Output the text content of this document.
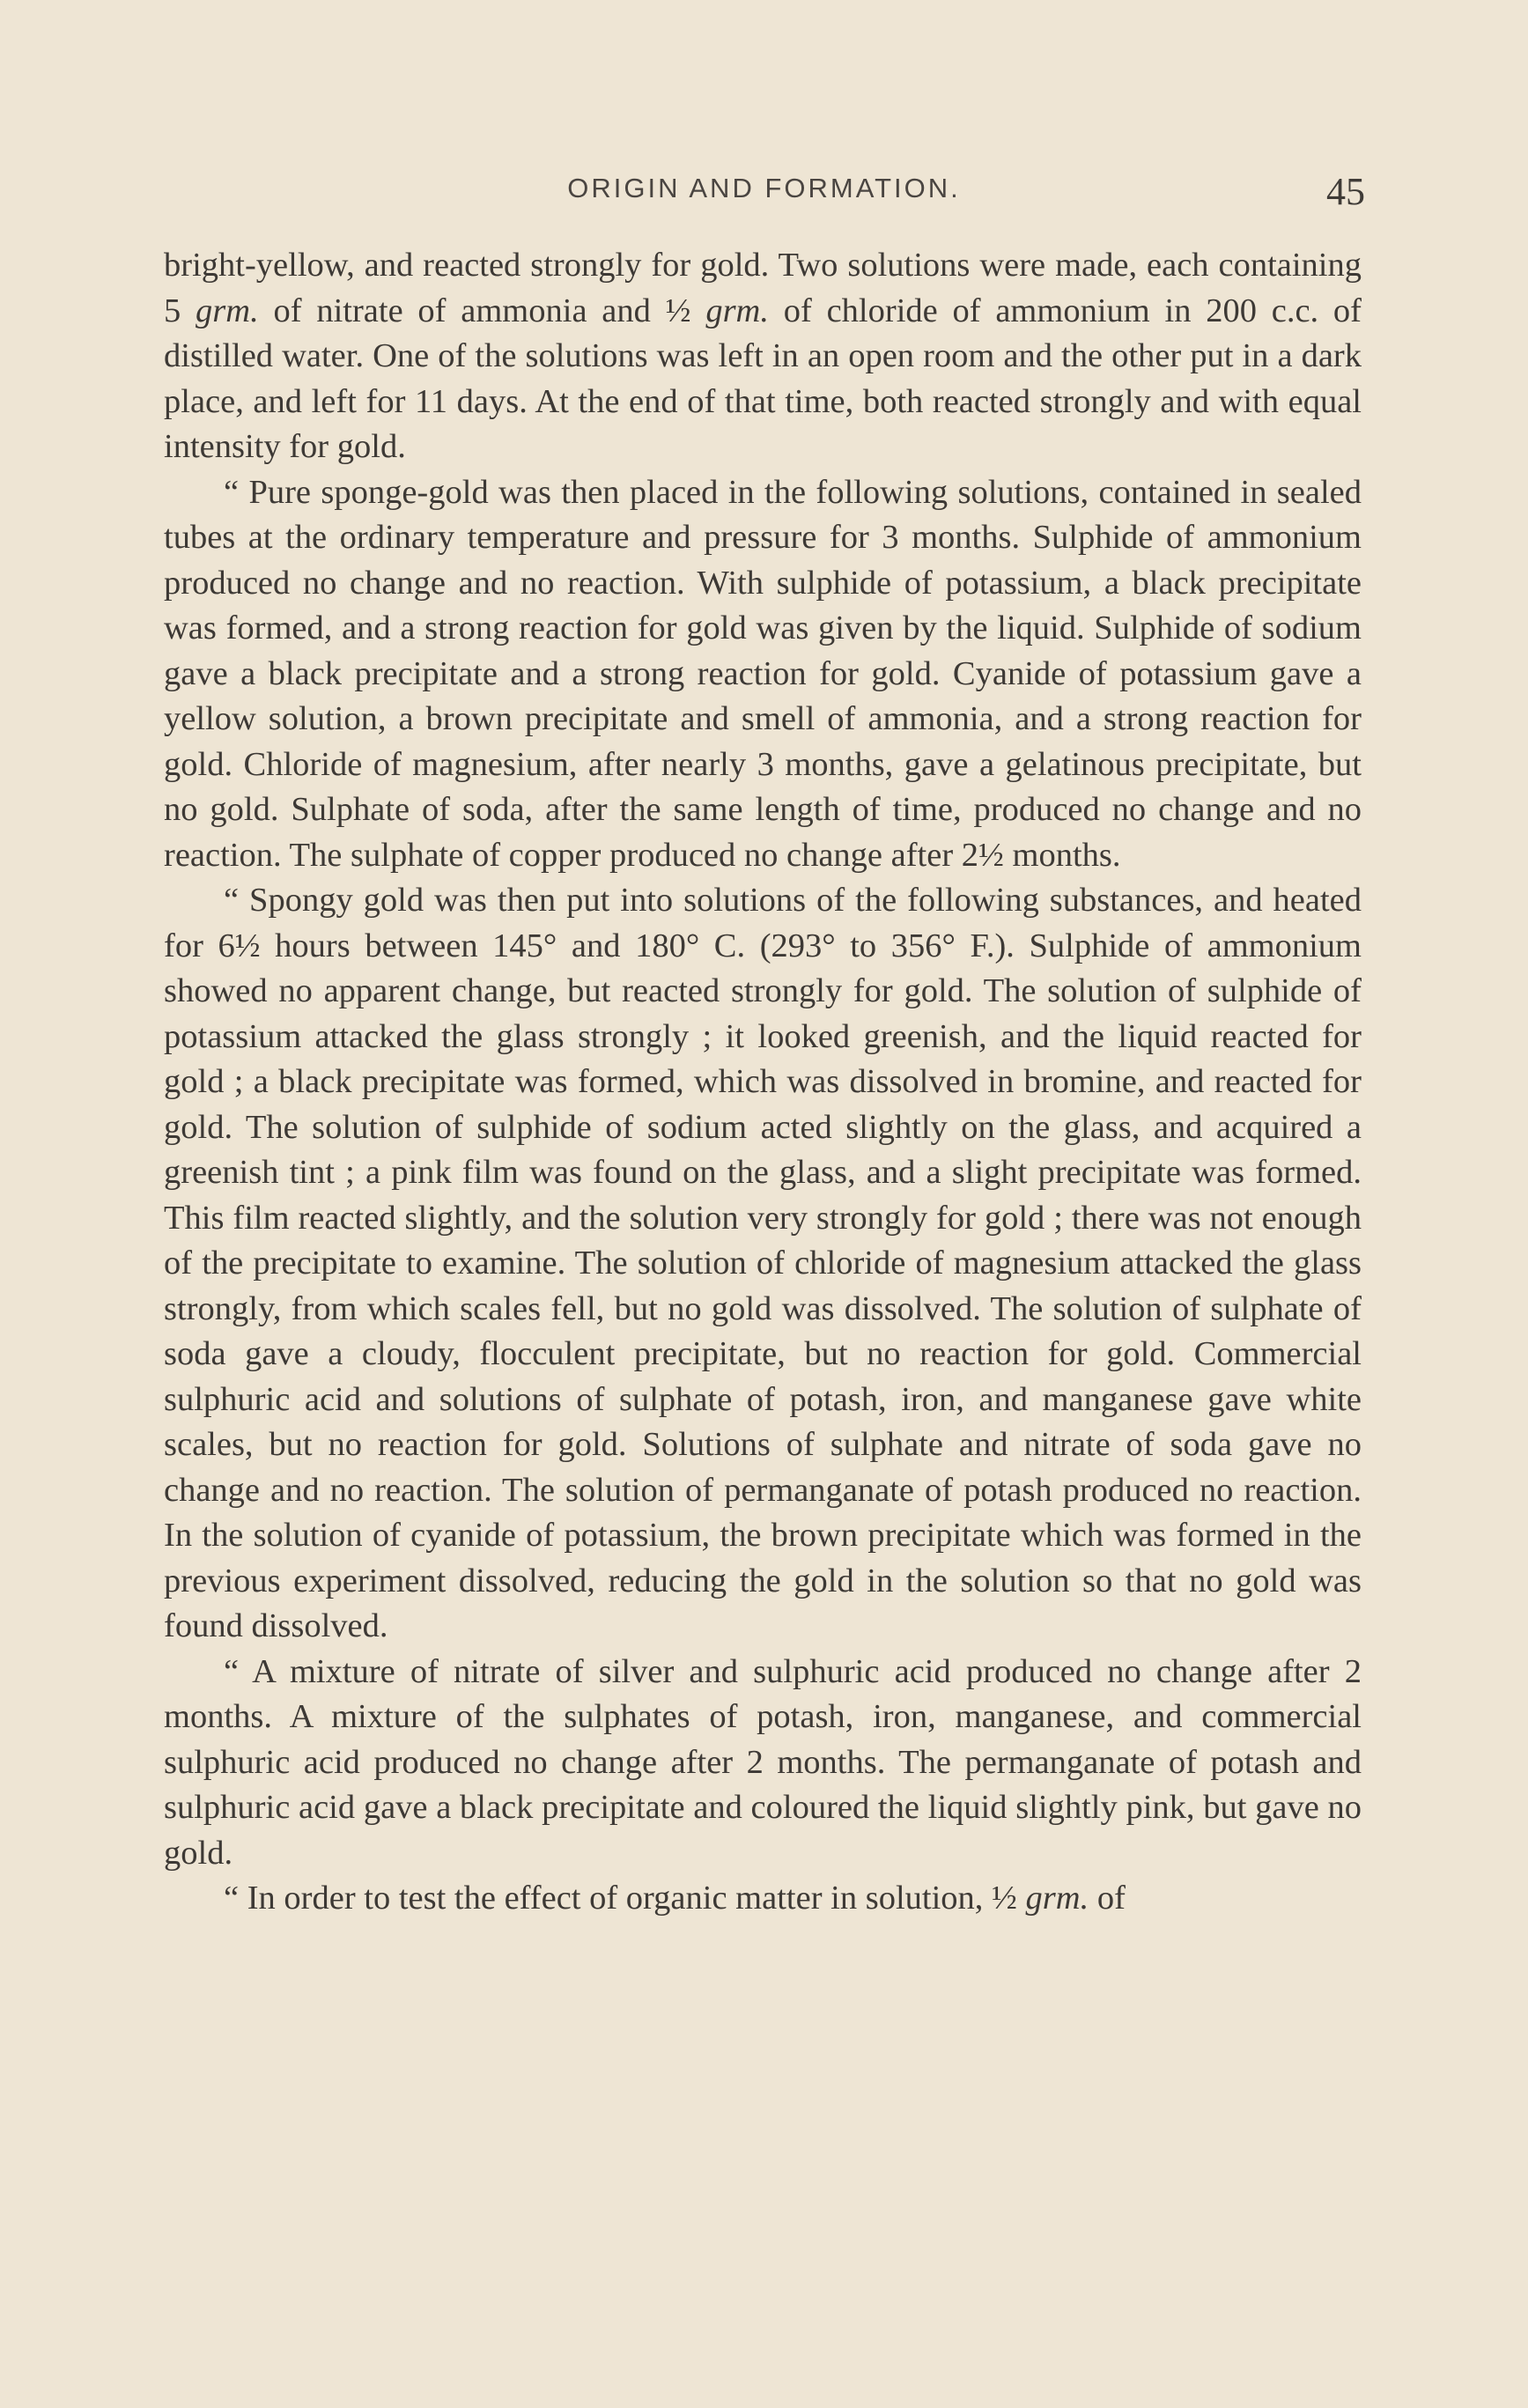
ORIGIN AND FORMATION.	45

bright-yellow, and reacted strongly for gold. Two solutions were made, each containing 5 grm. of nitrate of ammonia and ½ grm. of chloride of ammonium in 200 c.c. of distilled water. One of the solutions was left in an open room and the other put in a dark place, and left for 11 days. At the end of that time, both reacted strongly and with equal intensity for gold.

“ Pure sponge-gold was then placed in the following solutions, contained in sealed tubes at the ordinary temperature and pressure for 3 months. Sulphide of ammonium produced no change and no reaction. With sulphide of potassium, a black precipitate was formed, and a strong reaction for gold was given by the liquid. Sulphide of sodium gave a black precipitate and a strong reaction for gold. Cyanide of potassium gave a yellow solution, a brown precipitate and smell of ammonia, and a strong reaction for gold. Chloride of magnesium, after nearly 3 months, gave a gelatinous precipitate, but no gold. Sulphate of soda, after the same length of time, produced no change and no reaction. The sulphate of copper produced no change after 2½ months.

“ Spongy gold was then put into solutions of the following substances, and heated for 6½ hours between 145° and 180° C. (293° to 356° F.). Sulphide of ammonium showed no apparent change, but reacted strongly for gold. The solution of sulphide of potassium attacked the glass strongly ; it looked greenish, and the liquid reacted for gold ; a black precipitate was formed, which was dissolved in bromine, and reacted for gold. The solution of sulphide of sodium acted slightly on the glass, and acquired a greenish tint ; a pink film was found on the glass, and a slight precipitate was formed. This film reacted slightly, and the solution very strongly for gold ; there was not enough of the precipitate to examine. The solution of chloride of magnesium attacked the glass strongly, from which scales fell, but no gold was dissolved. The solution of sulphate of soda gave a cloudy, flocculent precipitate, but no reaction for gold. Commercial sulphuric acid and solutions of sulphate of potash, iron, and manganese gave white scales, but no reaction for gold. Solutions of sulphate and nitrate of soda gave no change and no reaction. The solution of permanganate of potash produced no reaction. In the solution of cyanide of potassium, the brown precipitate which was formed in the previous experiment dissolved, reducing the gold in the solution so that no gold was found dissolved.

“ A mixture of nitrate of silver and sulphuric acid produced no change after 2 months. A mixture of the sulphates of potash, iron, manganese, and commercial sulphuric acid produced no change after 2 months. The permanganate of potash and sulphuric acid gave a black precipitate and coloured the liquid slightly pink, but gave no gold.

“ In order to test the effect of organic matter in solution, ½ grm. of
